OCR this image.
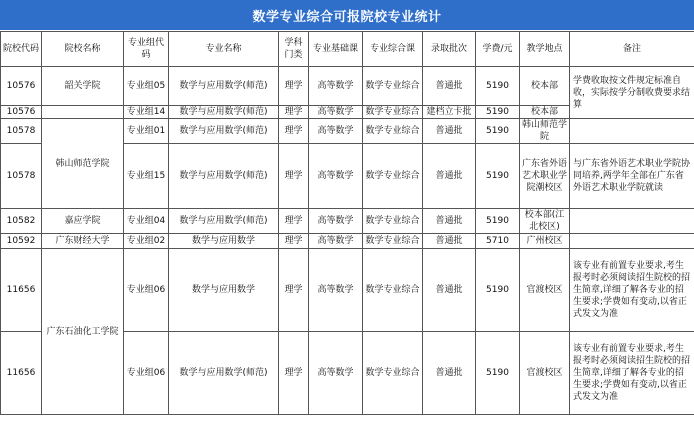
数学专业综合可报院校专业统计
院校代码	院校名称	专业组代码	专业名称	学科门类	专业基础课	专业综合课	录取批次	学费/元	教学地点	备注
10576	韶关学院	专业组05	数学与应用数学(师范)	理学	高等数学	数学专业综合	普通批	5190	校本部	学费收取按文件规定标准自收，实际按学分制收费要求结算
10576		专业组14	数学与应用数学(师范)	理学	高等数学	数学专业综合	建档立卡批	5190	校本部	
10578	韩山师范学院	专业组01	数学与应用数学(师范)	理学	高等数学	数学专业综合	普通批	5190	韩山师范学院	
10578		专业组15	数学与应用数学(师范)	理学	高等数学	数学专业综合	普通批	5190	广东省外语艺术职业学院潮校区	与广东省外语艺术职业学院协同培养,两学年全部在广东省外语艺术职业学院就读
10582	嘉应学院	专业组04	数学与应用数学(师范)	理学	高等数学	数学专业综合	普通批	5190	校本部(江北校区)	
10592	广东财经大学	专业组02	数学与应用数学	理学	高等数学	数学专业综合	普通批	5710	广州校区	
11656	广东石油化工学院	专业组06	数学与应用数学	理学	高等数学	数学专业综合	普通批	5190	官渡校区	该专业有前置专业要求,考生报考时必须阅读招生院校的招生简章,详细了解各专业的招生要求;学费如有变动,以省正式发文为准
11656		专业组06	数学与应用数学(师范)	理学	高等数学	数学专业综合	普通批	5190	官渡校区	该专业有前置专业要求,考生报考时必须阅读招生院校的招生简章,详细了解各专业的招生要求;学费如有变动,以省正式发文为准
